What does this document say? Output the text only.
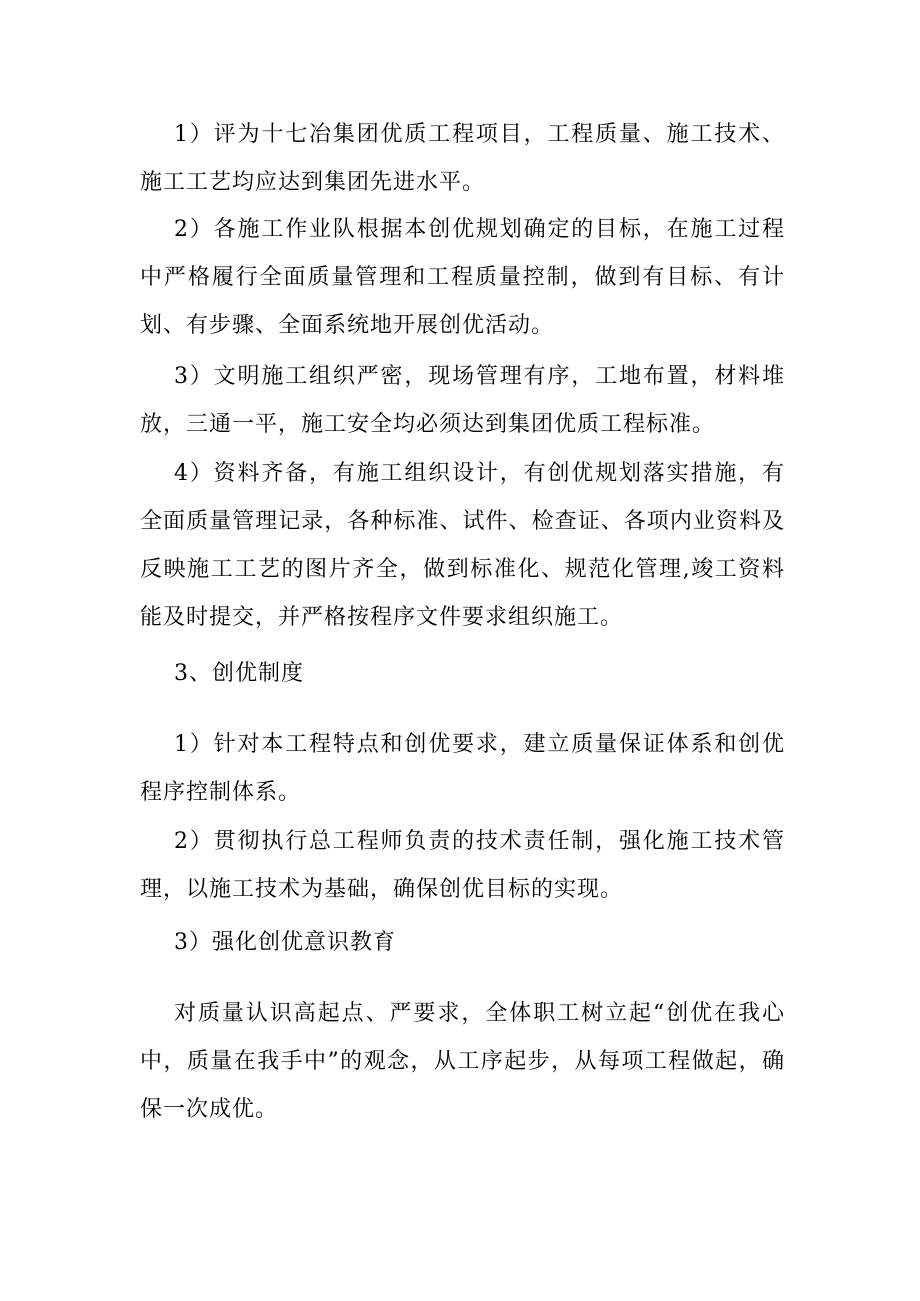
1）评为十七冶集团优质工程项目，工程质量、施工技术、施工工艺均应达到集团先进水平。

2）各施工作业队根据本创优规划确定的目标，在施工过程中严格履行全面质量管理和工程质量控制，做到有目标、有计划、有步骤、全面系统地开展创优活动。

3）文明施工组织严密，现场管理有序，工地布置，材料堆放，三通一平，施工安全均必须达到集团优质工程标准。

4）资料齐备，有施工组织设计，有创优规划落实措施，有全面质量管理记录，各种标准、试件、检查证、各项内业资料及反映施工工艺的图片齐全，做到标准化、规范化管理,竣工资料能及时提交，并严格按程序文件要求组织施工。

3、创优制度

1）针对本工程特点和创优要求，建立质量保证体系和创优程序控制体系。

2）贯彻执行总工程师负责的技术责任制，强化施工技术管理，以施工技术为基础，确保创优目标的实现。

3）强化创优意识教育

对质量认识高起点、严要求，全体职工树立起“创优在我心中，质量在我手中”的观念，从工序起步，从每项工程做起，确保一次成优。
